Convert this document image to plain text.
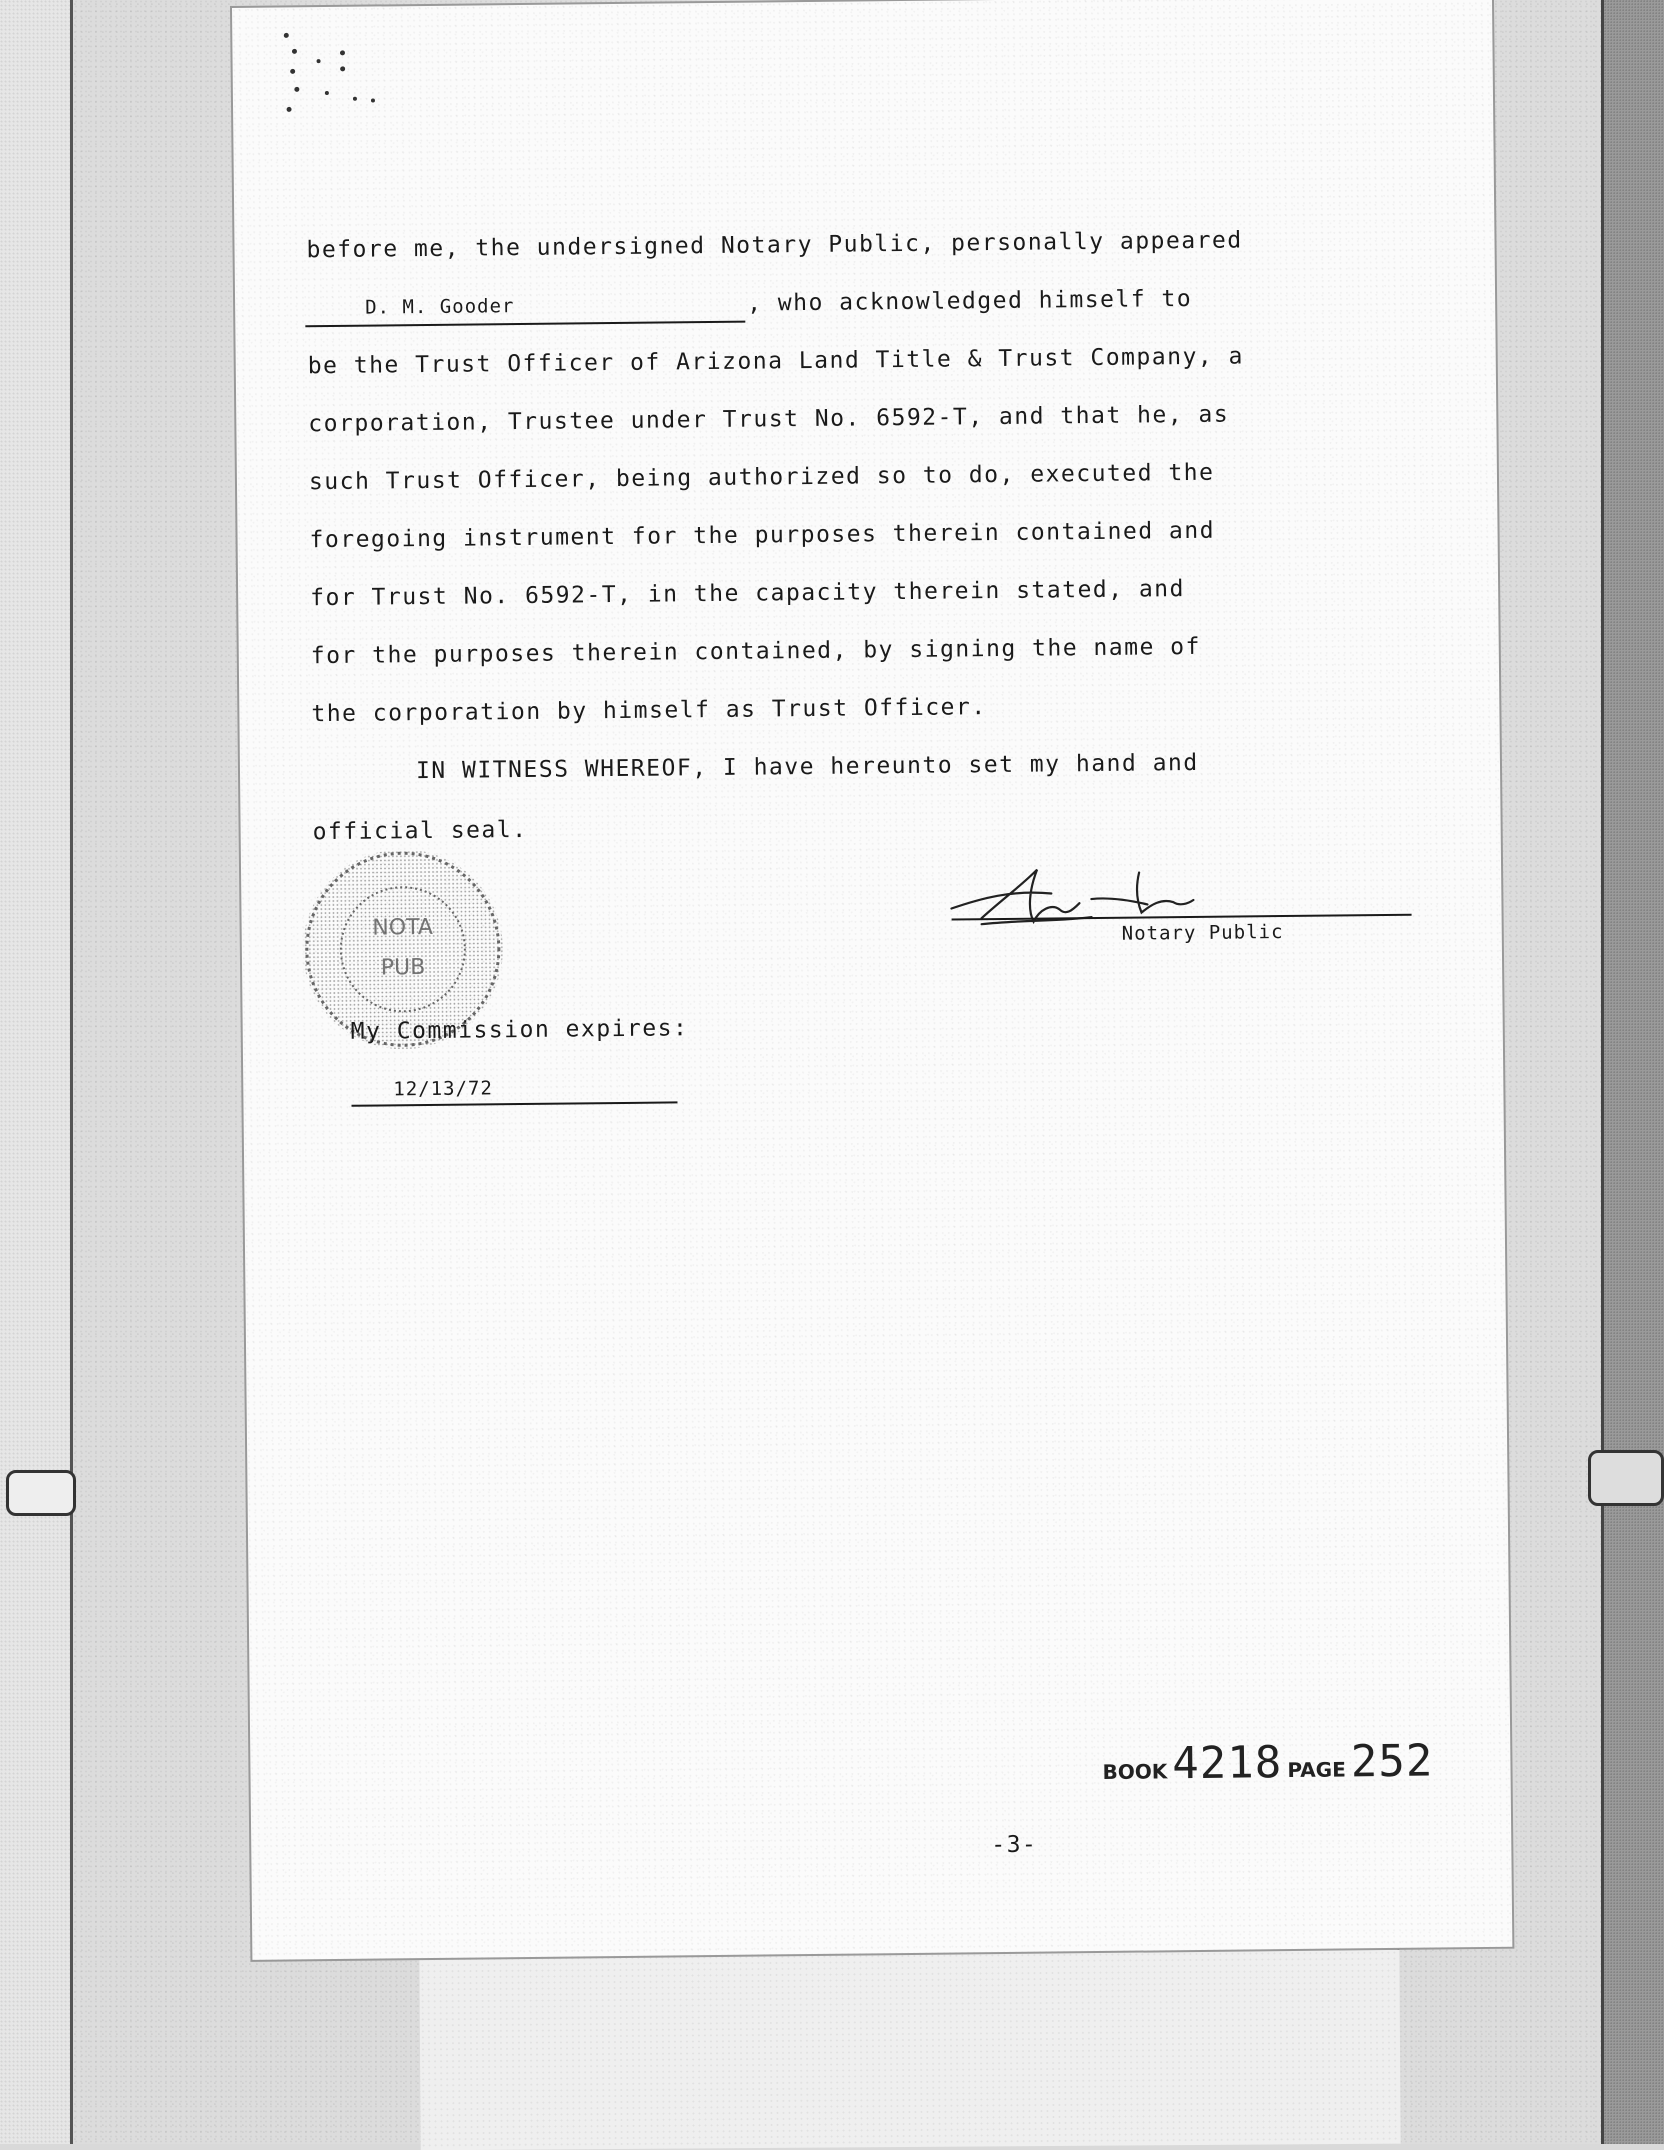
before me, the undersigned Notary Public, personally appeared
D. M. Gooder	, who acknowledged himself to
be the Trust Officer of Arizona Land Title & Trust Company, a
corporation, Trustee under Trust No. 6592-T, and that he, as
such Trust Officer, being authorized so to do, executed the
foregoing instrument for the purposes therein contained and
for Trust No. 6592-T, in the capacity therein stated, and
for the purposes therein contained, by signing the name of
the corporation by himself as Trust Officer.
IN WITNESS WHEREOF, I have hereunto set my hand and
official seal.
NOTA
PUB
Notary Public
My Commission expires:
12/13/72
BOOK 4218 PAGE 252
-3-
